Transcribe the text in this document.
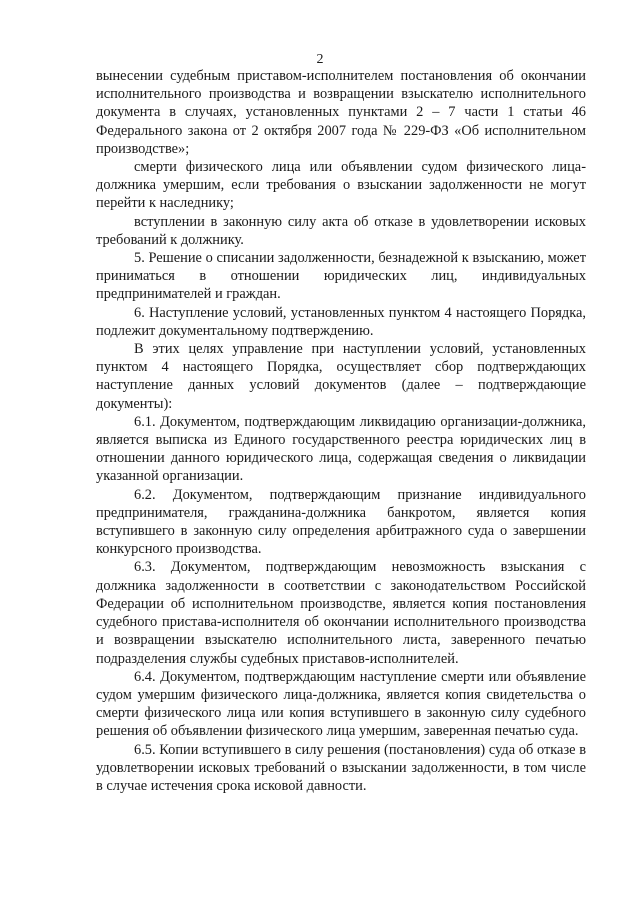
2

вынесении судебным приставом-исполнителем постановления об окончании исполнительного производства и возвращении взыскателю исполнительного документа в случаях, установленных пунктами 2 – 7 части 1 статьи 46 Федерального закона от 2 октября 2007 года № 229-ФЗ «Об исполнительном производстве»;

смерти физического лица или объявлении судом физического лица-должника умершим, если требования о взыскании задолженности не могут перейти к наследнику;

вступлении в законную силу акта об отказе в удовлетворении исковых требований к должнику.

5. Решение о списании задолженности, безнадежной к взысканию, может приниматься в отношении юридических лиц, индивидуальных предпринимателей и граждан.

6. Наступление условий, установленных пунктом 4 настоящего Порядка, подлежит документальному подтверждению.

В этих целях управление при наступлении условий, установленных пунктом 4 настоящего Порядка, осуществляет сбор подтверждающих наступление данных условий документов (далее – подтверждающие документы):

6.1. Документом, подтверждающим ликвидацию организации-должника, является выписка из Единого государственного реестра юридических лиц в отношении данного юридического лица, содержащая сведения о ликвидации указанной организации.

6.2. Документом, подтверждающим признание индивидуального предпринимателя, гражданина-должника банкротом, является копия вступившего в законную силу определения арбитражного суда о завершении конкурсного производства.

6.3. Документом, подтверждающим невозможность взыскания с должника задолженности в соответствии с законодательством Российской Федерации об исполнительном производстве, является копия постановления судебного пристава-исполнителя об окончании исполнительного производства и возвращении взыскателю исполнительного листа, заверенного печатью подразделения службы судебных приставов-исполнителей.

6.4. Документом, подтверждающим наступление смерти или объявление судом умершим физического лица-должника, является копия свидетельства о смерти физического лица или копия вступившего в законную силу судебного решения об объявлении физического лица умершим, заверенная печатью суда.

6.5. Копии вступившего в силу решения (постановления) суда об отказе в удовлетворении исковых требований о взыскании задолженности, в том числе в случае истечения срока исковой давности.
